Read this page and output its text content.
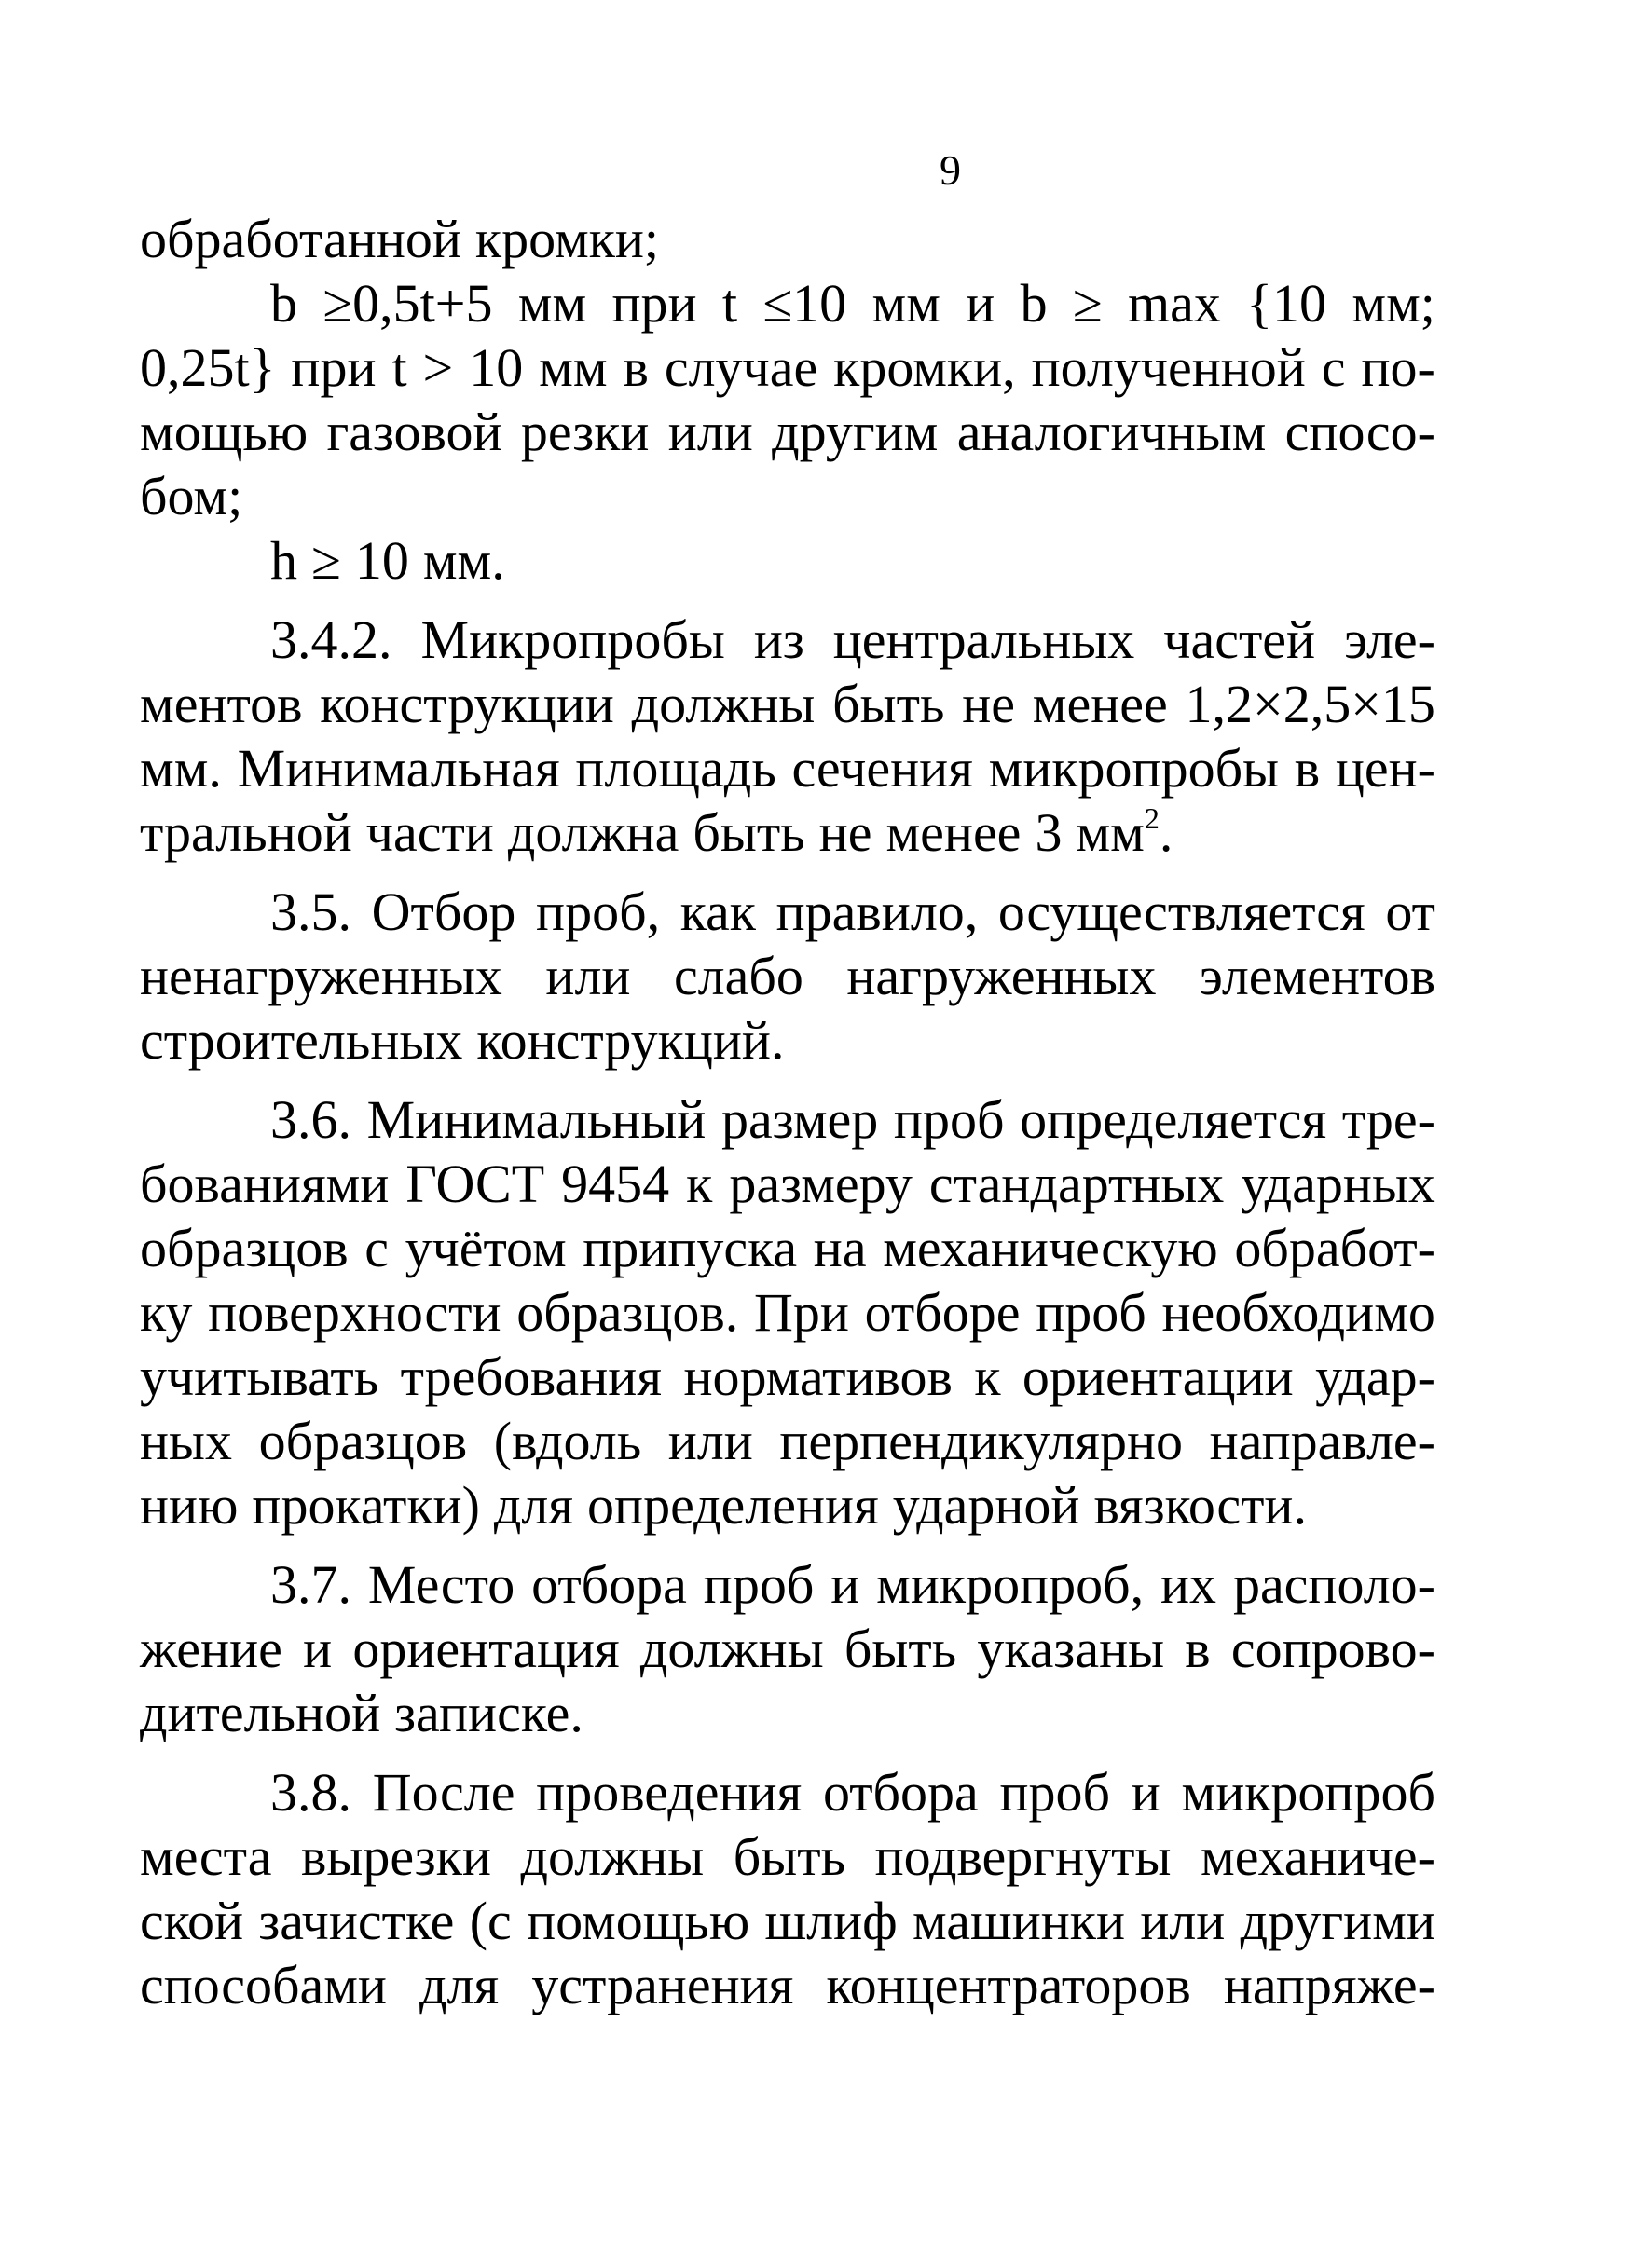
9
обработанной кромки;
b ≥0,5t+5 мм при t ≤10 мм и b ≥ max {10 мм;
0,25t} при t > 10 мм в случае кромки, полученной с по-
мощью газовой резки или другим аналогичным спосо-
бом;
h ≥ 10 мм.
3.4.2. Микропробы из центральных частей эле-
ментов конструкции должны быть не менее 1,2×2,5×15
мм. Минимальная площадь сечения микропробы в цен-
тральной части должна быть не менее 3 $мм^2$.
3.5. Отбор проб, как правило, осуществляется от
ненагруженных или слабо нагруженных элементов
строительных конструкций.
3.6. Минимальный размер проб определяется тре-
бованиями ГОСТ 9454 к размеру стандартных ударных
образцов с учётом припуска на механическую обработ-
ку поверхности образцов. При отборе проб необходимо
учитывать требования нормативов к ориентации удар-
ных образцов (вдоль или перпендикулярно направле-
нию прокатки) для определения ударной вязкости.
3.7. Место отбора проб и микропроб, их располо-
жение и ориентация должны быть указаны в сопрово-
дительной записке.
3.8. После проведения отбора проб и микропроб
места вырезки должны быть подвергнуты механиче-
ской зачистке (с помощью шлиф машинки или другими
способами для устранения концентраторов напряже-
